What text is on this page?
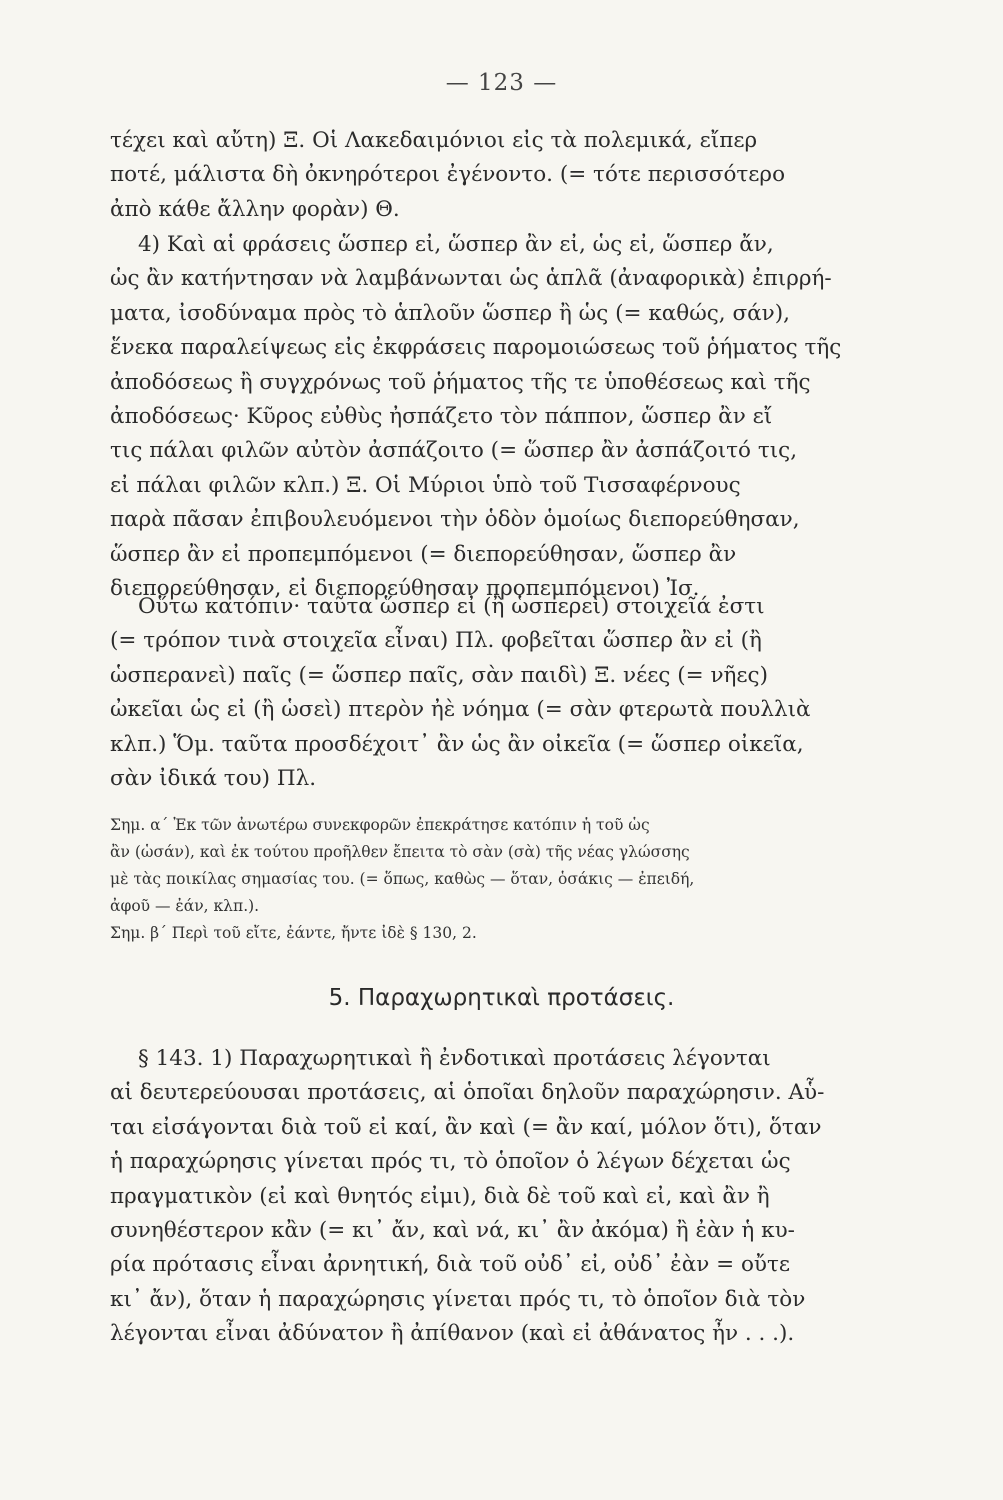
— 123 —
τέχει καὶ αὔτη) Ξ. Οἱ Λακεδαιμόνιοι εἰς τὰ πολεμικά, εἴπερ
ποτέ, μάλιστα δὴ ὀκνηρότεροι ἐγένοντο. (= τότε περισσότερο
ἀπὸ κάθε ἄλλην φορὰν) Θ.
4) Καὶ αἱ φράσεις ὥσπερ εἰ, ὥσπερ ἂν εἰ, ὡς εἰ, ὥσπερ ἄν,
ὡς ἂν κατήντησαν νὰ λαμβάνωνται ὡς ἁπλᾶ (ἀναφορικὰ) ἐπιρρή-
ματα, ἰσοδύναμα πρὸς τὸ ἁπλοῦν ὥσπερ ἢ ὡς (= καθώς, σάν),
ἕνεκα παραλείψεως εἰς ἐκφράσεις παρομοιώσεως τοῦ ῥήματος τῆς
ἀποδόσεως ἢ συγχρόνως τοῦ ῥήματος τῆς τε ὑποθέσεως καὶ τῆς
ἀποδόσεως· Κῦρος εὐθὺς ἠσπάζετο τὸν πάππον, ὥσπερ ἂν εἴ
τις πάλαι φιλῶν αὐτὸν ἀσπάζοιτο (= ὥσπερ ἂν ἀσπάζοιτό τις,
εἰ πάλαι φιλῶν κλπ.) Ξ. Οἱ Μύριοι ὑπὸ τοῦ Τισσαφέρνους
παρὰ πᾶσαν ἐπιβουλευόμενοι τὴν ὁδὸν ὁμοίως διεπορεύθησαν,
ὥσπερ ἂν εἰ προπεμπόμενοι (= διεπορεύθησαν, ὥσπερ ἂν
διεπορεύθησαν, εἰ διεπορεύθησαν προπεμπόμενοι) Ἰσ.
Οὕτω κατόπιν· ταῦτα ὥσπερ εἰ (ἢ ὡσπερεὶ) στοιχεῖά ἐστι
(= τρόπον τινὰ στοιχεῖα εἶναι) Πλ. φοβεῖται ὥσπερ ἂν εἰ (ἢ
ὡσπερανεὶ) παῖς (= ὥσπερ παῖς, σὰν παιδὶ) Ξ. νέες (= νῆες)
ὠκεῖαι ὡς εἰ (ἢ ὡσεὶ) πτερὸν ἠὲ νόημα (= σὰν φτερωτὰ πουλλιὰ
κλπ.) Ὅμ. ταῦτα προσδέχοιτ᾽ ἂν ὡς ἂν οἰκεῖα (= ὥσπερ οἰκεῖα,
σὰν ἰδικά του) Πλ.
Σημ. α΄ Ἐκ τῶν ἀνωτέρω συνεκφορῶν ἐπεκράτησε κατόπιν ἡ τοῦ ὡς
ἂν (ὡσάν), καὶ ἐκ τούτου προῆλθεν ἔπειτα τὸ σὰν (σὰ) τῆς νέας γλώσσης
μὲ τὰς ποικίλας σημασίας του. (= ὅπως, καθὼς — ὅταν, ὁσάκις — ἐπειδή,
ἀφοῦ — ἐάν, κλπ.).
Σημ. β΄ Περὶ τοῦ εἴτε, ἐάντε, ἤντε ἰδὲ § 130, 2.
5. Παραχωρητικαὶ προτάσεις.
§ 143. 1) Παραχωρητικαὶ ἢ ἐνδοτικαὶ προτάσεις λέγονται
αἱ δευτερεύουσαι προτάσεις, αἱ ὁποῖαι δηλοῦν παραχώρησιν. Αὗ-
ται εἰσάγονται διὰ τοῦ εἰ καί, ἂν καὶ (= ἂν καί, μόλον ὅτι), ὅταν
ἡ παραχώρησις γίνεται πρός τι, τὸ ὁποῖον ὁ λέγων δέχεται ὡς
πραγματικὸν (εἰ καὶ θνητός εἰμι), διὰ δὲ τοῦ καὶ εἰ, καὶ ἂν ἢ
συνηθέστερον κἂν (= κι᾽ ἄν, καὶ νά, κι᾽ ἂν ἀκόμα) ἢ ἐὰν ἡ κυ-
ρία πρότασις εἶναι ἀρνητική, διὰ τοῦ οὐδ᾽ εἰ, οὐδ᾽ ἐὰν = οὔτε
κι᾽ ἄν), ὅταν ἡ παραχώρησις γίνεται πρός τι, τὸ ὁποῖον διὰ τὸν
λέγονται εἶναι ἀδύνατον ἢ ἀπίθανον (καὶ εἰ ἀθάνατος ἦν . . .).
